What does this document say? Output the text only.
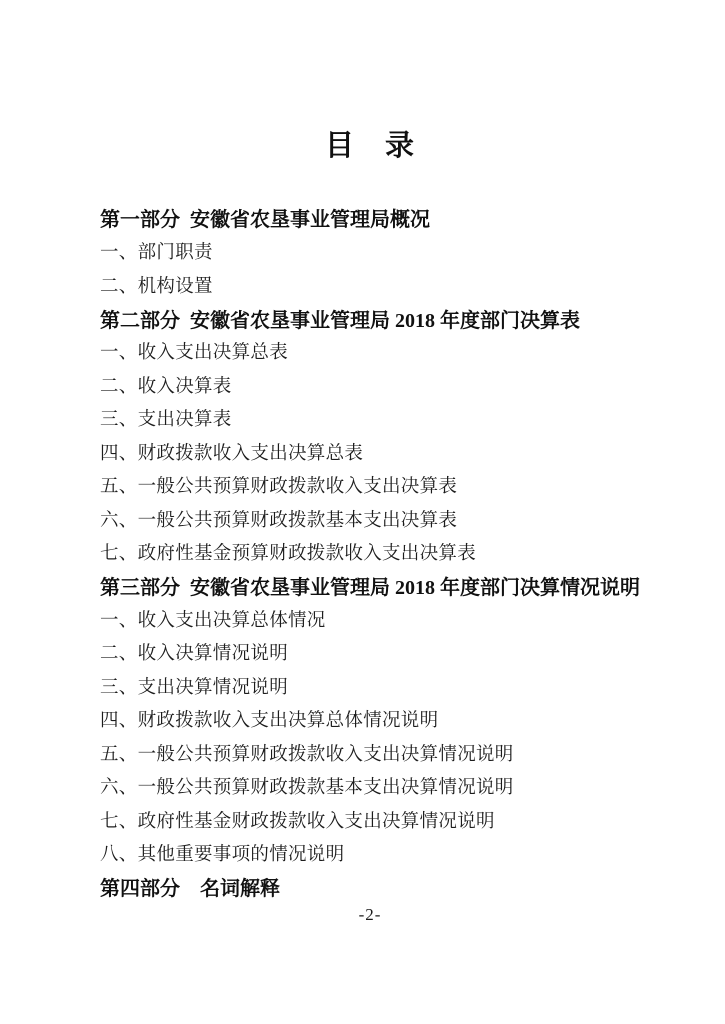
目　录
第一部分  安徽省农垦事业管理局概况
一、部门职责
二、机构设置
第二部分  安徽省农垦事业管理局 2018 年度部门决算表
一、收入支出决算总表
二、收入决算表
三、支出决算表
四、财政拨款收入支出决算总表
五、一般公共预算财政拨款收入支出决算表
六、一般公共预算财政拨款基本支出决算表
七、政府性基金预算财政拨款收入支出决算表
第三部分  安徽省农垦事业管理局 2018 年度部门决算情况说明
一、收入支出决算总体情况
二、收入决算情况说明
三、支出决算情况说明
四、财政拨款收入支出决算总体情况说明
五、一般公共预算财政拨款收入支出决算情况说明
六、一般公共预算财政拨款基本支出决算情况说明
七、政府性基金财政拨款收入支出决算情况说明
八、其他重要事项的情况说明
第四部分　名词解释
-2-
